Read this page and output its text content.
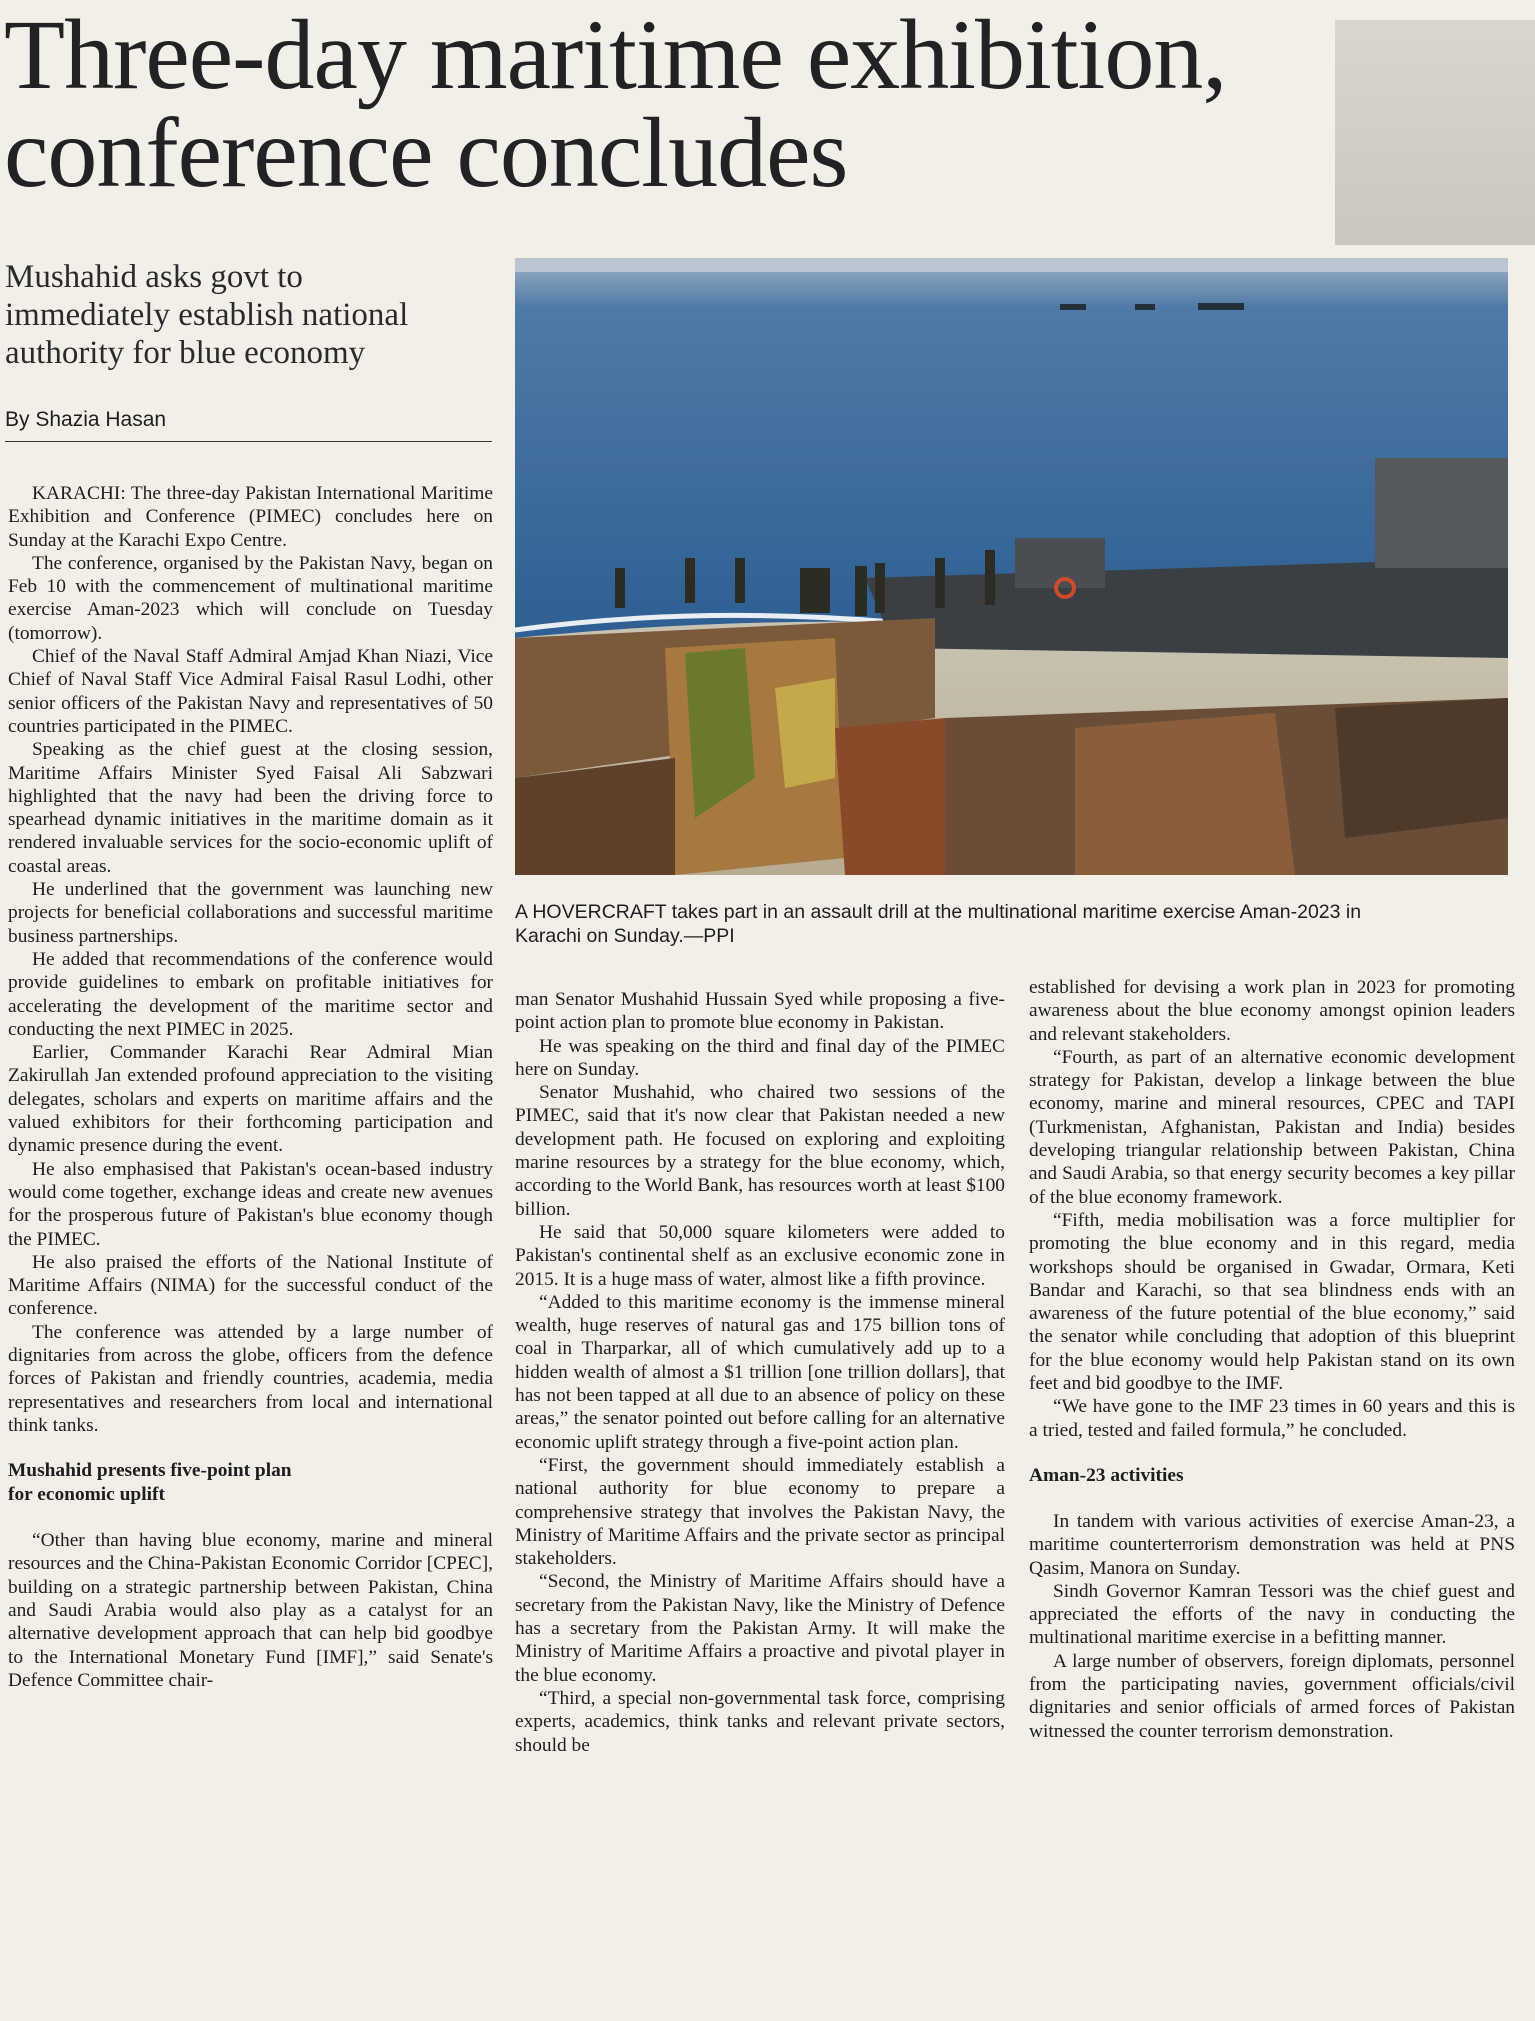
Three-day maritime exhibition,
conference concludes
Mushahid asks govt to
immediately establish national
authority for blue economy
By Shazia Hasan
A HOVERCRAFT takes part in an assault drill at the multinational maritime exercise Aman-2023 in
Karachi on Sunday.—PPI

KARACHI: The three-day Pakistan International Maritime Exhibition and Conference (PIMEC) concludes here on Sunday at the Karachi Expo Centre.

The conference, organised by the Pakistan Navy, began on Feb 10 with the commencement of multinational maritime exercise Aman-2023 which will conclude on Tuesday (tomorrow).

Chief of the Naval Staff Admiral Amjad Khan Niazi, Vice Chief of Naval Staff Vice Admiral Faisal Rasul Lodhi, other senior officers of the Pakistan Navy and representatives of 50 countries participated in the PIMEC.

Speaking as the chief guest at the closing session, Maritime Affairs Minister Syed Faisal Ali Sabzwari highlighted that the navy had been the driving force to spearhead dynamic initiatives in the maritime domain as it rendered invaluable services for the socio-economic uplift of coastal areas.

He underlined that the government was launching new projects for beneficial collaborations and successful maritime business partnerships.

He added that recommendations of the conference would provide guidelines to embark on profitable initiatives for accelerating the development of the maritime sector and conducting the next PIMEC in 2025.

Earlier, Commander Karachi Rear Admiral Mian Zakirullah Jan extended profound appreciation to the visiting delegates, scholars and experts on maritime affairs and the valued exhibitors for their forthcoming participation and dynamic presence during the event.

He also emphasised that Pakistan's ocean-based industry would come together, exchange ideas and create new avenues for the prosperous future of Pakistan's blue economy though the PIMEC.

He also praised the efforts of the National Institute of Maritime Affairs (NIMA) for the successful conduct of the conference.

The conference was attended by a large number of dignitaries from across the globe, officers from the defence forces of Pakistan and friendly countries, academia, media representatives and researchers from local and international think tanks.

Mushahid presents five-point plan
for economic uplift

“Other than having blue economy, marine and mineral resources and the China-Pakistan Economic Corridor [CPEC], building on a strategic partnership between Pakistan, China and Saudi Arabia would also play as a catalyst for an alternative development approach that can help bid goodbye to the International Monetary Fund [IMF],” said Senate's Defence Committee chair-

man Senator Mushahid Hussain Syed while proposing a five-point action plan to promote blue economy in Pakistan.

He was speaking on the third and final day of the PIMEC here on Sunday.

Senator Mushahid, who chaired two sessions of the PIMEC, said that it's now clear that Pakistan needed a new development path. He focused on exploring and exploiting marine resources by a strategy for the blue economy, which, according to the World Bank, has resources worth at least $100 billion.

He said that 50,000 square kilometers were added to Pakistan's continental shelf as an exclusive economic zone in 2015. It is a huge mass of water, almost like a fifth province.

“Added to this maritime economy is the immense mineral wealth, huge reserves of natural gas and 175 billion tons of coal in Tharparkar, all of which cumulatively add up to a hidden wealth of almost a $1 trillion [one trillion dollars], that has not been tapped at all due to an absence of policy on these areas,” the senator pointed out before calling for an alternative economic uplift strategy through a five-point action plan.

“First, the government should immediately establish a national authority for blue economy to prepare a comprehensive strategy that involves the Pakistan Navy, the Ministry of Maritime Affairs and the private sector as principal stakeholders.

“Second, the Ministry of Maritime Affairs should have a secretary from the Pakistan Navy, like the Ministry of Defence has a secretary from the Pakistan Army. It will make the Ministry of Maritime Affairs a proactive and pivotal player in the blue economy.

“Third, a special non-governmental task force, comprising experts, academics, think tanks and relevant private sectors, should be

established for devising a work plan in 2023 for promoting awareness about the blue economy amongst opinion leaders and relevant stakeholders.

“Fourth, as part of an alternative economic development strategy for Pakistan, develop a linkage between the blue economy, marine and mineral resources, CPEC and TAPI (Turkmenistan, Afghanistan, Pakistan and India) besides developing triangular relationship between Pakistan, China and Saudi Arabia, so that energy security becomes a key pillar of the blue economy framework.

“Fifth, media mobilisation was a force multiplier for promoting the blue economy and in this regard, media workshops should be organised in Gwadar, Ormara, Keti Bandar and Karachi, so that sea blindness ends with an awareness of the future potential of the blue economy,” said the senator while concluding that adoption of this blueprint for the blue economy would help Pakistan stand on its own feet and bid goodbye to the IMF.

“We have gone to the IMF 23 times in 60 years and this is a tried, tested and failed formula,” he concluded.

Aman-23 activities

In tandem with various activities of exercise Aman-23, a maritime counterterrorism demonstration was held at PNS Qasim, Manora on Sunday.

Sindh Governor Kamran Tessori was the chief guest and appreciated the efforts of the navy in conducting the multinational maritime exercise in a befitting manner.

A large number of observers, foreign diplomats, personnel from the participating navies, government officials/civil dignitaries and senior officials of armed forces of Pakistan witnessed the counter terrorism demonstration.
